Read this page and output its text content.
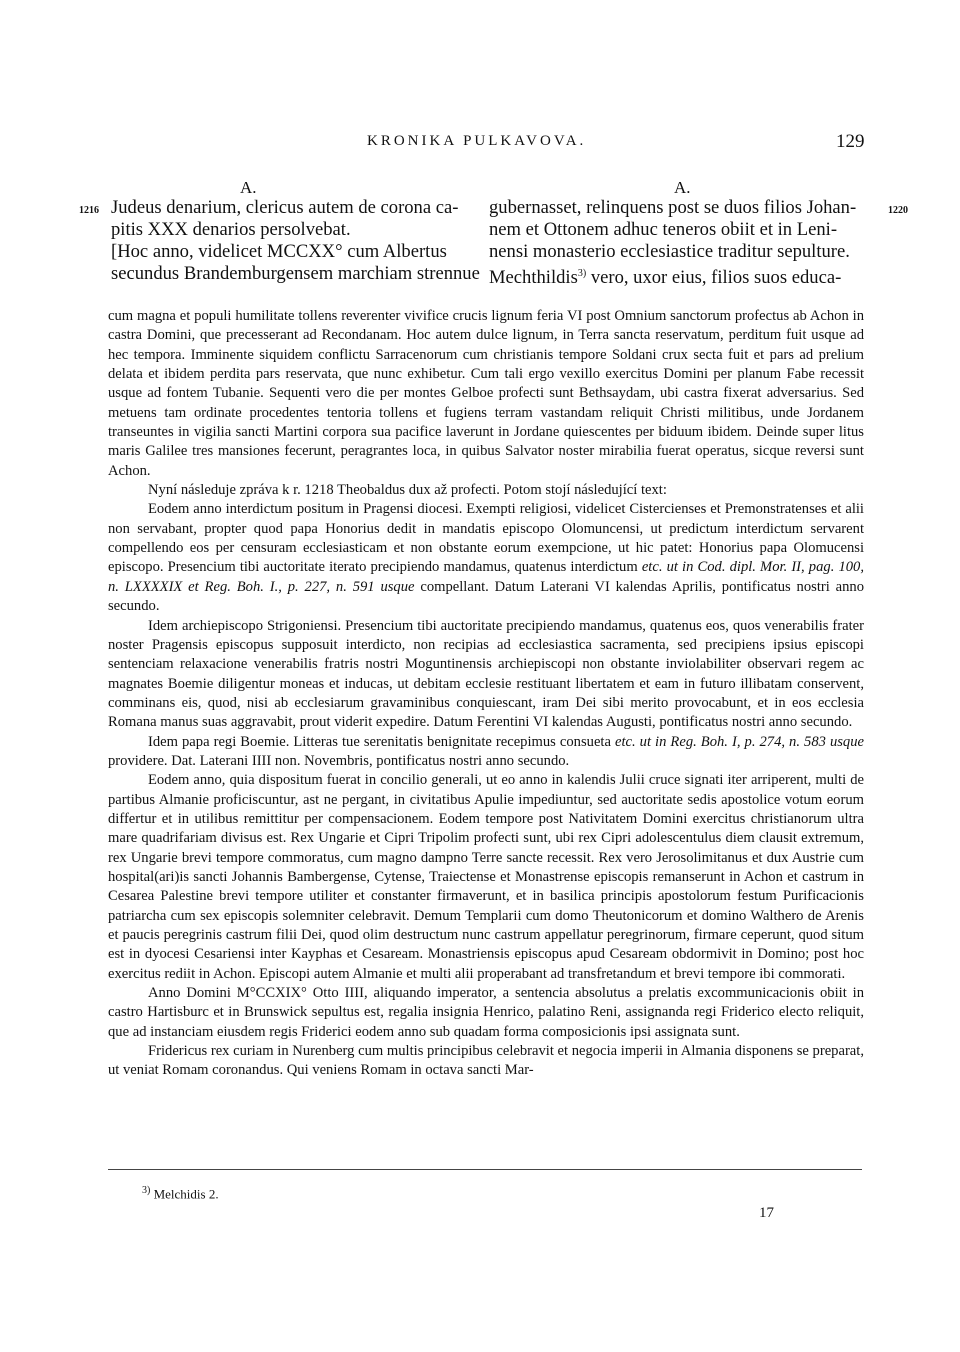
KRONIKA PULKAVOVA.	129
A.	A.
1216	1220
Judeus denarium, clericus autem de corona ca-
pitis XXX denarios persolvebat.
[Hoc anno, videlicet MCCXX° cum Albertus
secundus Brandemburgensem marchiam strennue
gubernasset, relinquens post se duos filios Johan-
nem et Ottonem adhuc teneros obiit et in Leni-
nensi monasterio ecclesiastice traditur sepulture.
Mechthildis$^{3)}$ vero, uxor eius, filios suos educa-

cum magna et populi humilitate tollens reverenter vivifice crucis lignum feria VI post Omnium sanctorum profectus ab Achon in castra Domini, que precesserant ad Recondanam. Hoc autem dulce lignum, in Terra sancta reservatum, perditum fuit usque ad hec tempora. Imminente siquidem conflictu Sarracenorum cum christianis tempore Soldani crux secta fuit et pars ad prelium delata et ibidem perdita pars reservata, que nunc exhibetur. Cum tali ergo vexillo exercitus Domini per planum Fabe recessit usque ad fontem Tubanie. Sequenti vero die per montes Gelboe profecti sunt Bethsaydam, ubi castra fixerat adversarius. Sed metuens tam ordinate procedentes tentoria tollens et fugiens terram vastandam reliquit Christi militibus, unde Jordanem transeuntes in vigilia sancti Martini corpora sua pacifice laverunt in Jordane quiescentes per biduum ibidem. Deinde super litus maris Galilee tres mansiones fecerunt, peragrantes loca, in quibus Salvator noster mirabilia fuerat operatus, sicque reversi sunt Achon.

Nyní následuje zpráva k r. 1218 Theobaldus dux až profecti. Potom stojí následující text:

Eodem anno interdictum positum in Pragensi diocesi. Exempti religiosi, videlicet Cistercienses et Premonstratenses et alii non servabant, propter quod papa Honorius dedit in mandatis episcopo Olomuncensi, ut predictum interdictum servarent compellendo eos per censuram ecclesiasticam et non obstante eorum exempcione, ut hic patet: Honorius papa Olomucensi episcopo. Presencium tibi auctoritate iterato precipiendo mandamus, quatenus interdictum etc. ut in Cod. dipl. Mor. II, pag. 100, n. LXXXXIX et Reg. Boh. I., p. 227, n. 591 usque compellant. Datum Laterani VI kalendas Aprilis, pontificatus nostri anno secundo.

Idem archiepiscopo Strigoniensi. Presencium tibi auctoritate precipiendo mandamus, quatenus eos, quos venerabilis frater noster Pragensis episcopus supposuit interdicto, non recipias ad ecclesiastica sacramenta, sed precipiens ipsius episcopi sentenciam relaxacione venerabilis fratris nostri Moguntinensis archiepiscopi non obstante inviolabiliter observari regem ac magnates Boemie diligentur moneas et inducas, ut debitam ecclesie restituant libertatem et eam in futuro illibatam conservent, comminans eis, quod, nisi ab ecclesiarum gravaminibus conquiescant, iram Dei sibi merito provocabunt, et in eos ecclesia Romana manus suas aggravabit, prout viderit expedire. Datum Ferentini VI kalendas Augusti, pontificatus nostri anno secundo.

Idem papa regi Boemie. Litteras tue serenitatis benignitate recepimus consueta etc. ut in Reg. Boh. I, p. 274, n. 583 usque providere. Dat. Laterani IIII non. Novembris, pontificatus nostri anno secundo.

Eodem anno, quia dispositum fuerat in concilio generali, ut eo anno in kalendis Julii cruce signati iter arriperent, multi de partibus Almanie proficiscuntur, ast ne pergant, in civitatibus Apulie impediuntur, sed auctoritate sedis apostolice votum eorum differtur et in utilibus remittitur per compensacionem. Eodem tempore post Nativitatem Domini exercitus christianorum ultra mare quadrifariam divisus est. Rex Ungarie et Cipri Tripolim profecti sunt, ubi rex Cipri adolescentulus diem clausit extremum, rex Ungarie brevi tempore commoratus, cum magno dampno Terre sancte recessit. Rex vero Jerosolimitanus et dux Austrie cum hospital(ari)is sancti Johannis Bambergense, Cytense, Traiectense et Monastrense episcopis remanserunt in Achon et castrum in Cesarea Palestine brevi tempore utiliter et constanter firmaverunt, et in basilica principis apostolorum festum Purificacionis patriarcha cum sex episcopis solemniter celebravit. Demum Templarii cum domo Theutonicorum et domino Walthero de Arenis et paucis peregrinis castrum filii Dei, quod olim destructum nunc castrum appellatur peregrinorum, firmare ceperunt, quod situm est in dyocesi Cesariensi inter Kayphas et Cesaream. Monastriensis episcopus apud Cesaream obdormivit in Domino; post hoc exercitus rediit in Achon. Episcopi autem Almanie et multi alii properabant ad transfretandum et brevi tempore ibi commorati.

Anno Domini M°CCXIX° Otto IIII, aliquando imperator, a sentencia absolutus a prelatis excommunicacionis obiit in castro Hartisburc et in Brunswick sepultus est, regalia insignia Henrico, palatino Reni, assignanda regi Friderico electo reliquit, que ad instanciam eiusdem regis Friderici eodem anno sub quadam forma composicionis ipsi assignata sunt.

Fridericus rex curiam in Nurenberg cum multis principibus celebravit et negocia imperii in Almania disponens se preparat, ut veniat Romam coronandus. Qui veniens Romam in octava sancti Mar-

$^{3)}$ Melchidis 2.
17
